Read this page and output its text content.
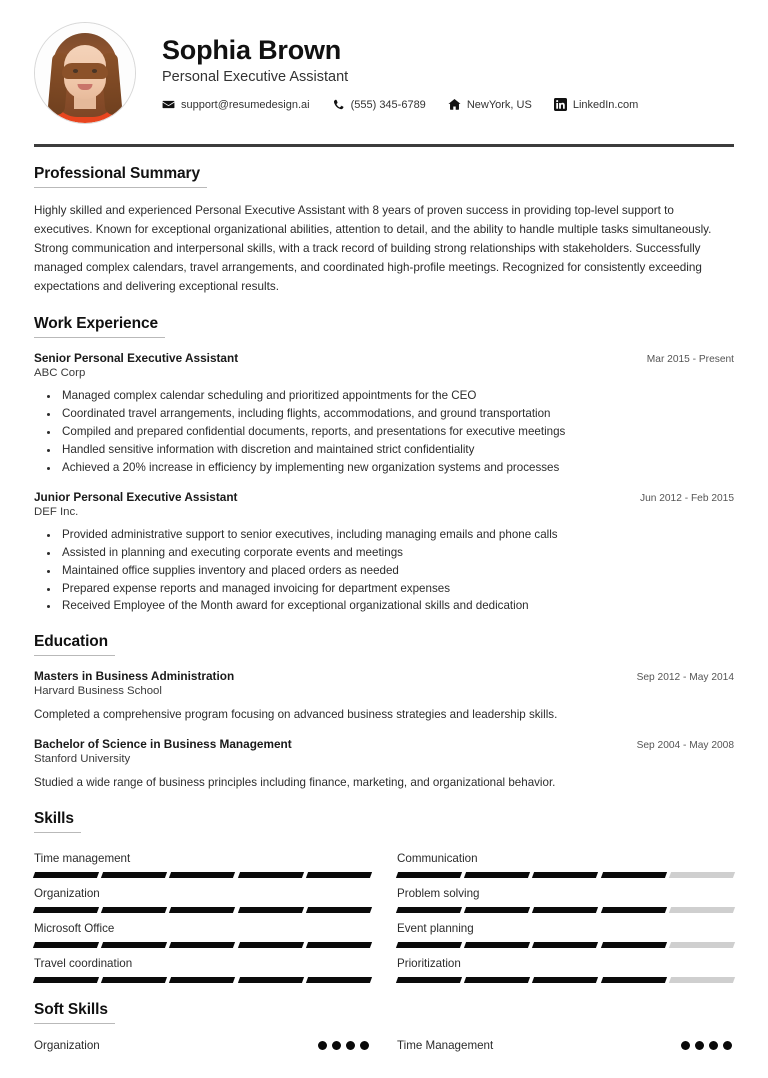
Sophia Brown
Personal Executive Assistant
support@resumedesign.ai	(555) 345-6789	NewYork, US	LinkedIn.com
Professional Summary
Highly skilled and experienced Personal Executive Assistant with 8 years of proven success in providing top-level support to executives. Known for exceptional organizational abilities, attention to detail, and the ability to handle multiple tasks simultaneously. Strong communication and interpersonal skills, with a track record of building strong relationships with stakeholders. Successfully managed complex calendars, travel arrangements, and coordinated high-profile meetings. Recognized for consistently exceeding expectations and delivering exceptional results.
Work Experience
Senior Personal Executive Assistant	Mar 2015 - Present
ABC Corp
• Managed complex calendar scheduling and prioritized appointments for the CEO
• Coordinated travel arrangements, including flights, accommodations, and ground transportation
• Compiled and prepared confidential documents, reports, and presentations for executive meetings
• Handled sensitive information with discretion and maintained strict confidentiality
• Achieved a 20% increase in efficiency by implementing new organization systems and processes
Junior Personal Executive Assistant	Jun 2012 - Feb 2015
DEF Inc.
• Provided administrative support to senior executives, including managing emails and phone calls
• Assisted in planning and executing corporate events and meetings
• Maintained office supplies inventory and placed orders as needed
• Prepared expense reports and managed invoicing for department expenses
• Received Employee of the Month award for exceptional organizational skills and dedication
Education
Masters in Business Administration	Sep 2012 - May 2014
Harvard Business School
Completed a comprehensive program focusing on advanced business strategies and leadership skills.
Bachelor of Science in Business Management	Sep 2004 - May 2008
Stanford University
Studied a wide range of business principles including finance, marketing, and organizational behavior.
Skills
Time management	Communication
Organization	Problem solving
Microsoft Office	Event planning
Travel coordination	Prioritization
Soft Skills
Organization	Time Management
